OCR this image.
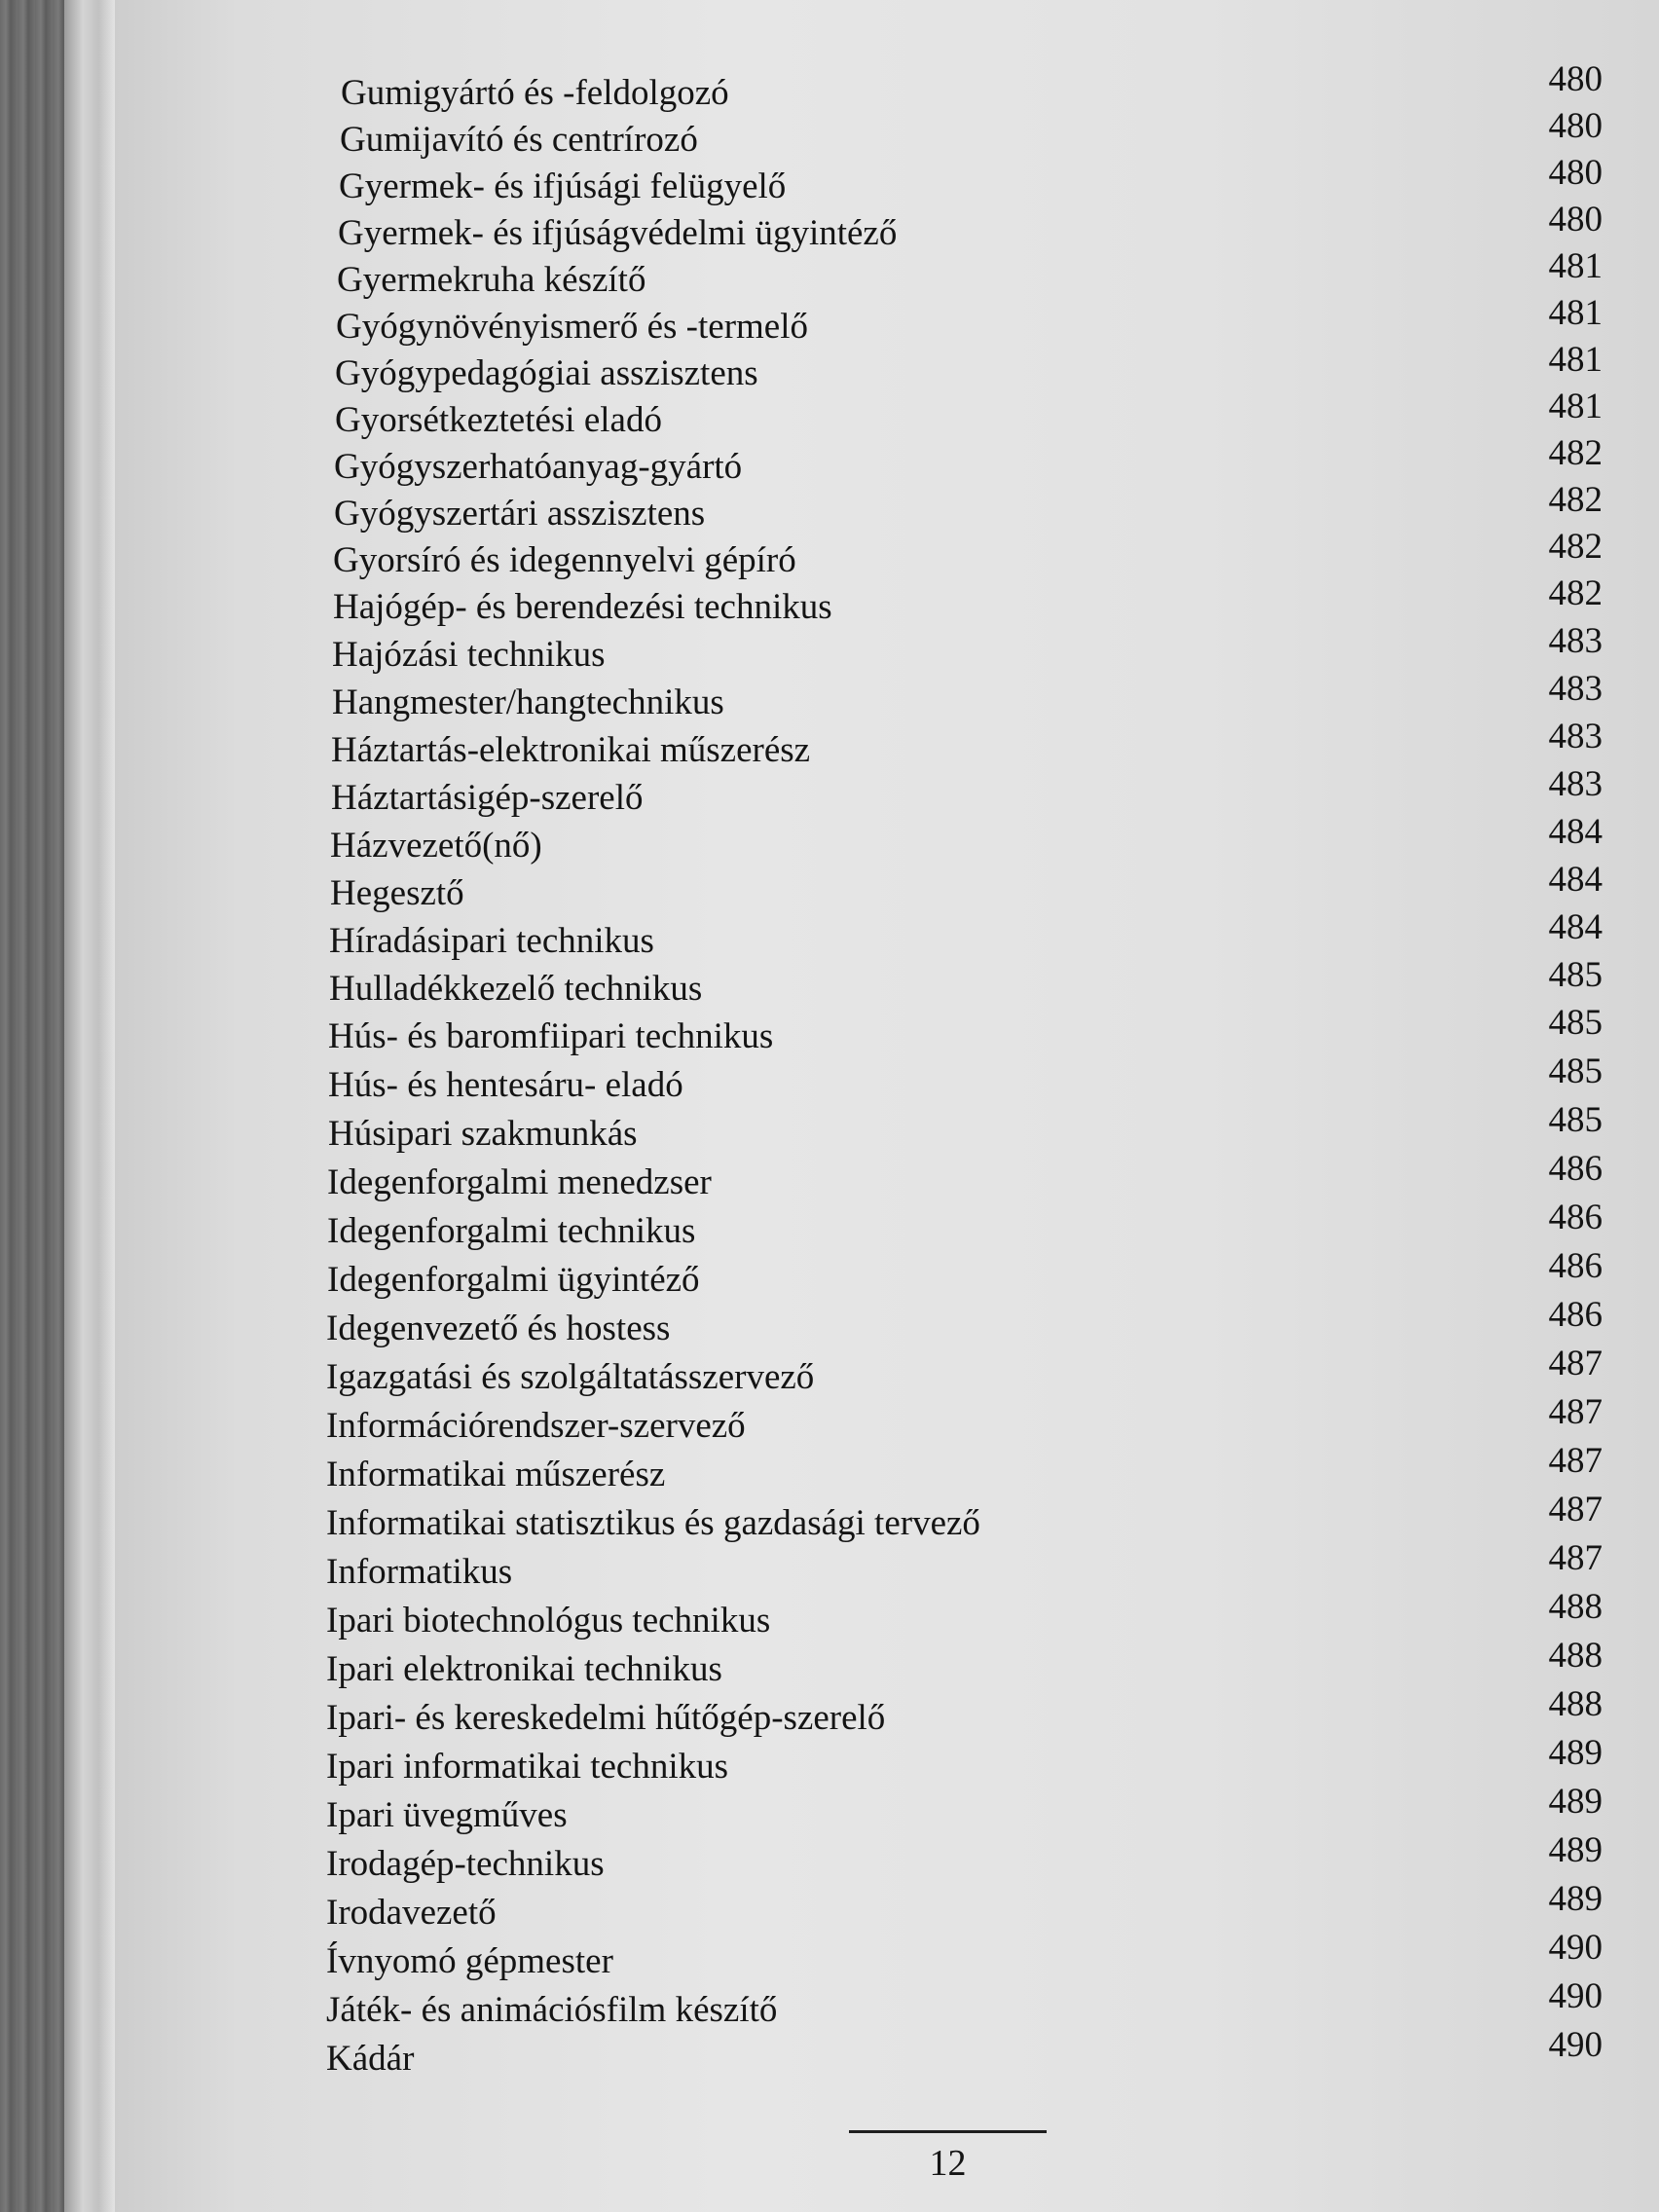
Gumigyártó és -feldolgozó	480
Gumijavító és centrírozó	480
Gyermek- és ifjúsági felügyelő	480
Gyermek- és ifjúságvédelmi ügyintéző	480
Gyermekruha készítő	481
Gyógynövényismerő és -termelő	481
Gyógypedagógiai asszisztens	481
Gyorsétkeztetési eladó	481
Gyógyszerhatóanyag-gyártó	482
Gyógyszertári asszisztens	482
Gyorsíró és idegennyelvi gépíró	482
Hajógép- és berendezési technikus	482
Hajózási technikus	483
Hangmester/hangtechnikus	483
Háztartás-elektronikai műszerész	483
Háztartásigép-szerelő	483
Házvezető(nő)	484
Hegesztő	484
Híradásipari technikus	484
Hulladékkezelő technikus	485
Hús- és baromfiipari technikus	485
Hús- és hentesáru- eladó	485
Húsipari szakmunkás	485
Idegenforgalmi menedzser	486
Idegenforgalmi technikus	486
Idegenforgalmi ügyintéző	486
Idegenvezető és hostess	486
Igazgatási és szolgáltatásszervező	487
Információrendszer-szervező	487
Informatikai műszerész	487
Informatikai statisztikus és gazdasági tervező	487
Informatikus	487
Ipari biotechnológus technikus	488
Ipari elektronikai technikus	488
Ipari- és kereskedelmi hűtőgép-szerelő	488
Ipari informatikai technikus	489
Ipari üvegműves	489
Irodagép-technikus	489
Irodavezető	489
Ívnyomó gépmester	490
Játék- és animációsfilm készítő	490
Kádár	490
12
